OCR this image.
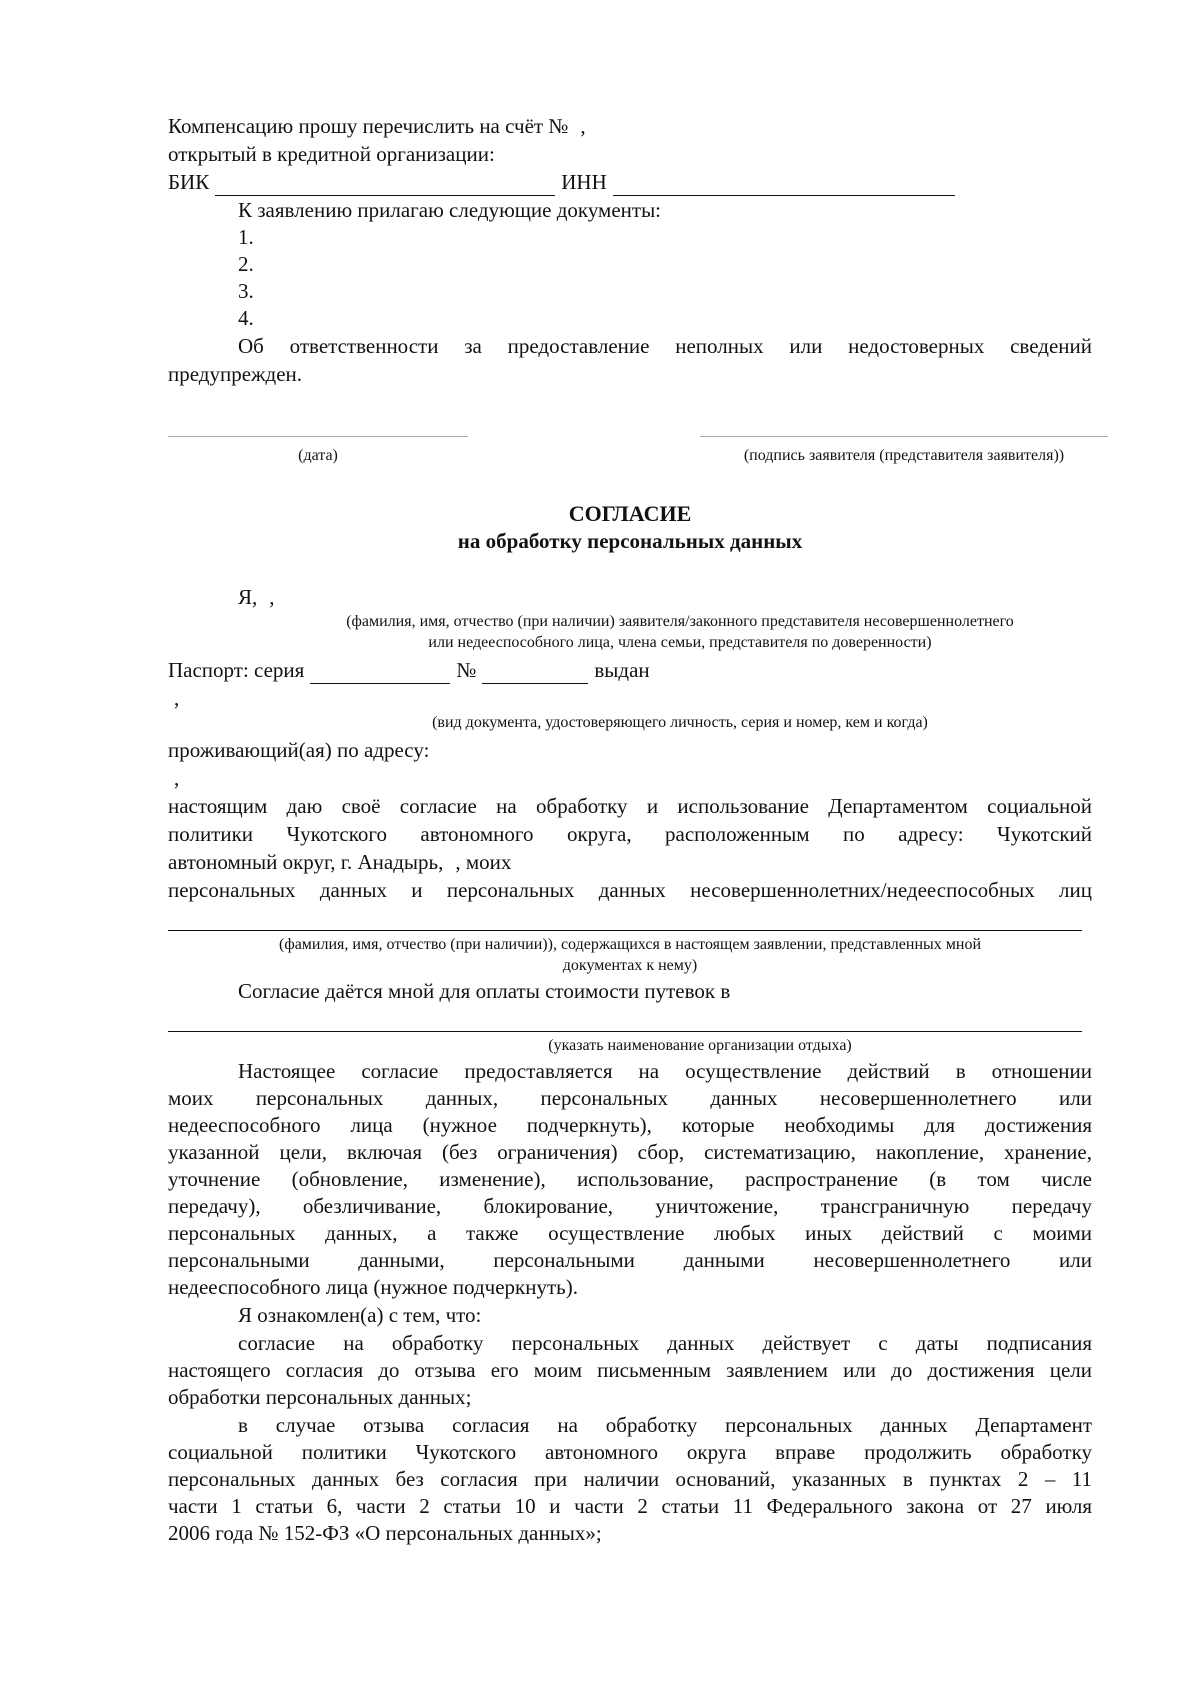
Компенсацию прошу перечислить на счёт № ,
открытый в кредитной организации:
БИК	ИНН
К заявлению прилагаю следующие документы:
1.
2.
3.
4.
Об ответственности за предоставление неполных или недостоверных сведений
предупрежден.
(дата)	(подпись заявителя (представителя заявителя))
СОГЛАСИЕ
на обработку персональных данных
Я, ,
(фамилия, имя, отчество (при наличии) заявителя/законного представителя несовершеннолетнего
или недееспособного лица, члена семьи, представителя по доверенности)
Паспорт: серия	№	выдан
,
(вид документа, удостоверяющего личность, серия и номер, кем и когда)
проживающий(ая) по адресу:
,
настоящим даю своё согласие на обработку и использование Департаментом социальной
политики Чукотского автономного округа, расположенным по адресу: Чукотский
автономный округ, г. Анадырь, , моих
персональных данных и персональных данных несовершеннолетних/недееспособных лиц
(фамилия, имя, отчество (при наличии)), содержащихся в настоящем заявлении, представленных мной
документах к нему)
Согласие даётся мной для оплаты стоимости путевок в
(указать наименование организации отдыха)
Настоящее согласие предоставляется на осуществление действий в отношении
моих персональных данных, персональных данных несовершеннолетнего или
недееспособного лица (нужное подчеркнуть), которые необходимы для достижения
указанной цели, включая (без ограничения) сбор, систематизацию, накопление, хранение,
уточнение (обновление, изменение), использование, распространение (в том числе
передачу), обезличивание, блокирование, уничтожение, трансграничную передачу
персональных данных, а также осуществление любых иных действий с моими
персональными данными, персональными данными несовершеннолетнего или
недееспособного лица (нужное подчеркнуть).
Я ознакомлен(а) с тем, что:
согласие на обработку персональных данных действует с даты подписания
настоящего согласия до отзыва его моим письменным заявлением или до достижения цели
обработки персональных данных;
в случае отзыва согласия на обработку персональных данных Департамент
социальной политики Чукотского автономного округа вправе продолжить обработку
персональных данных без согласия при наличии оснований, указанных в пунктах 2 – 11
части 1 статьи 6, части 2 статьи 10 и части 2 статьи 11 Федерального закона от 27 июля
2006 года № 152-ФЗ «О персональных данных»;
